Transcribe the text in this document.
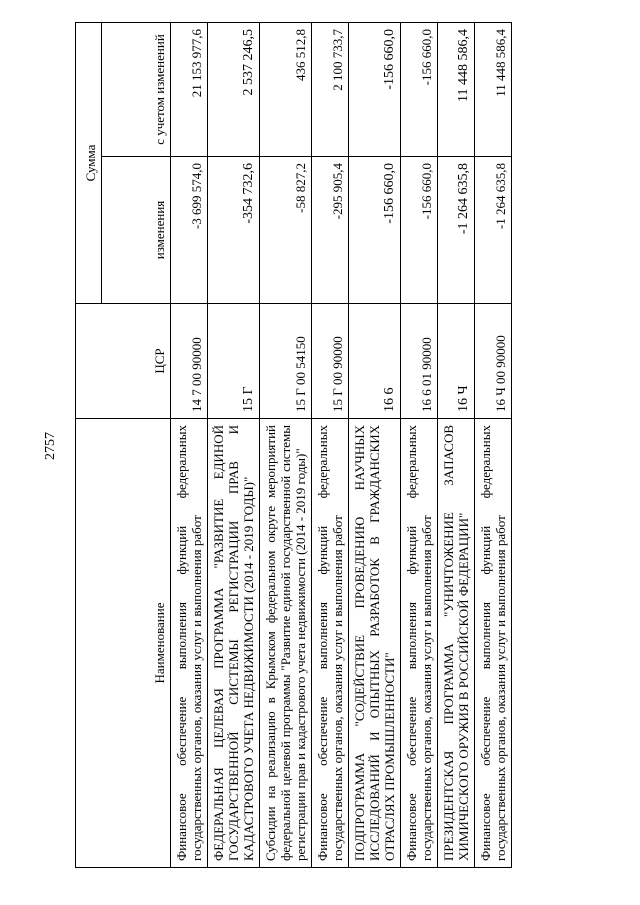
2757
Наименование	ЦСР	Сумма	
		изменения	с учетом изменений
Финансовое обеспечение выполнения функций федеральных государственных органов, оказания услуг и выполнения работ	14 7 00 90000	-3 699 574,0	21 153 977,6
ФЕДЕРАЛЬНАЯ ЦЕЛЕВАЯ ПРОГРАММА "РАЗВИТИЕ ЕДИНОЙ ГОСУДАРСТВЕННОЙ СИСТЕМЫ РЕГИСТРАЦИИ ПРАВ И КАДАСТРОВОГО УЧЕТА НЕДВИЖИМОСТИ (2014 - 2019 ГОДЫ)"	15 Г	-354 732,6	2 537 246,5
Субсидии на реализацию в Крымском федеральном округе мероприятий федеральной целевой программы "Развитие единой государственной системы регистрации прав и кадастрового учета недвижимости (2014 - 2019 годы)"	15 Г 00 54150	-58 827,2	436 512,8
Финансовое обеспечение выполнения функций федеральных государственных органов, оказания услуг и выполнения работ	15 Г 00 90000	-295 905,4	2 100 733,7
ПОДПРОГРАММА "СОДЕЙСТВИЕ ПРОВЕДЕНИЮ НАУЧНЫХ ИССЛЕДОВАНИЙ И ОПЫТНЫХ РАЗРАБОТОК В ГРАЖДАНСКИХ ОТРАСЛЯХ ПРОМЫШЛЕННОСТИ"	16 6	-156 660,0	-156 660,0
Финансовое обеспечение выполнения функций федеральных государственных органов, оказания услуг и выполнения работ	16 6 01 90000	-156 660,0	-156 660,0
ПРЕЗИДЕНТСКАЯ ПРОГРАММА "УНИЧТОЖЕНИЕ ЗАПАСОВ ХИМИЧЕСКОГО ОРУЖИЯ В РОССИЙСКОЙ ФЕДЕРАЦИИ"	16 Ч	-1 264 635,8	11 448 586,4
Финансовое обеспечение выполнения функций федеральных государственных органов, оказания услуг и выполнения работ	16 Ч 00 90000	-1 264 635,8	11 448 586,4
